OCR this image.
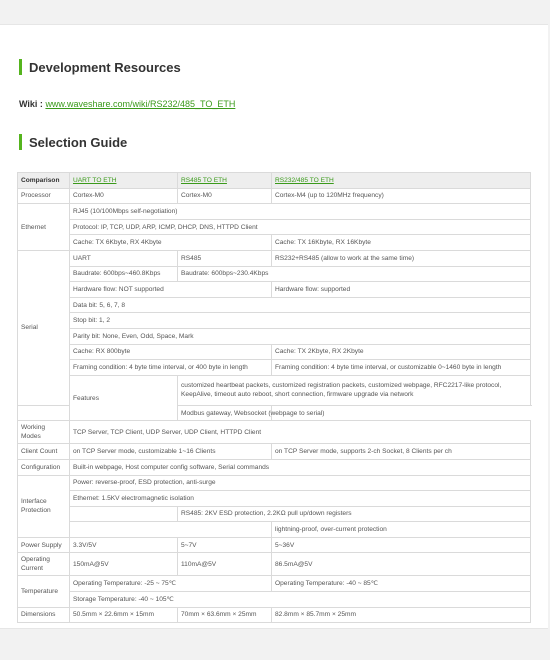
Development Resources
Wiki : www.waveshare.com/wiki/RS232/485_TO_ETH
Selection Guide
Comparison	UART TO ETH	RS485 TO ETH	RS232/485 TO ETH
Processor	Cortex-M0	Cortex-M0	Cortex-M4 (up to 120MHz frequency)
Ethernet	RJ45 (10/100Mbps self-negotiation)		
	Protocol: IP, TCP, UDP, ARP, ICMP, DHCP, DNS, HTTPD Client		
	Cache: TX 6Kbyte, RX 4Kbyte		Cache: TX 16Kbyte, RX 16Kbyte
Serial	UART	RS485	RS232+RS485 (allow to work at the same time)
	Baudrate: 600bps~460.8Kbps	Baudrate: 600bps~230.4Kbps	
	Hardware flow: NOT supported		Hardware flow: supported
	Data bit: 5, 6, 7, 8		
	Stop bit: 1, 2		
	Parity bit: None, Even, Odd, Space, Mark		
	Cache: RX 800byte		Cache: TX 2Kbyte, RX 2Kbyte
	Framing condition: 4 byte time interval, or 400 byte in length		Framing condition: 4 byte time interval, or customizable 0~1460 byte in length
	Features	customized heartbeat packets, customized registration packets, customized webpage, RFC2217-like protocol, KeepAlive, timeout auto reboot, short connection, firmware upgrade via network	
		Modbus gateway, Websocket (webpage to serial)	
Working Modes	TCP Server, TCP Client, UDP Server, UDP Client, HTTPD Client		
Client Count	on TCP Server mode, customizable 1~16 Clients		on TCP Server mode, supports 2-ch Socket, 8 Clients per ch
Configuration	Built-in webpage, Host computer config software, Serial commands		
Interface Protection	Power: reverse-proof, ESD protection, anti-surge		
	Ethernet: 1.5KV electromagnetic isolation		
		RS485: 2KV ESD protection, 2.2KΩ pull up/down registers	
			lightning-proof, over-current protection
Power Supply	3.3V/5V	5~7V	5~36V
Operating Current	150mA@5V	110mA@5V	86.5mA@5V
Temperature	Operating Temperature: -25 ~ 75℃		Operating Temperature: -40 ~ 85℃
	Storage Temperature: -40 ~ 105℃		
Dimensions	50.5mm × 22.6mm × 15mm	70mm × 63.6mm × 25mm	82.8mm × 85.7mm × 25mm
